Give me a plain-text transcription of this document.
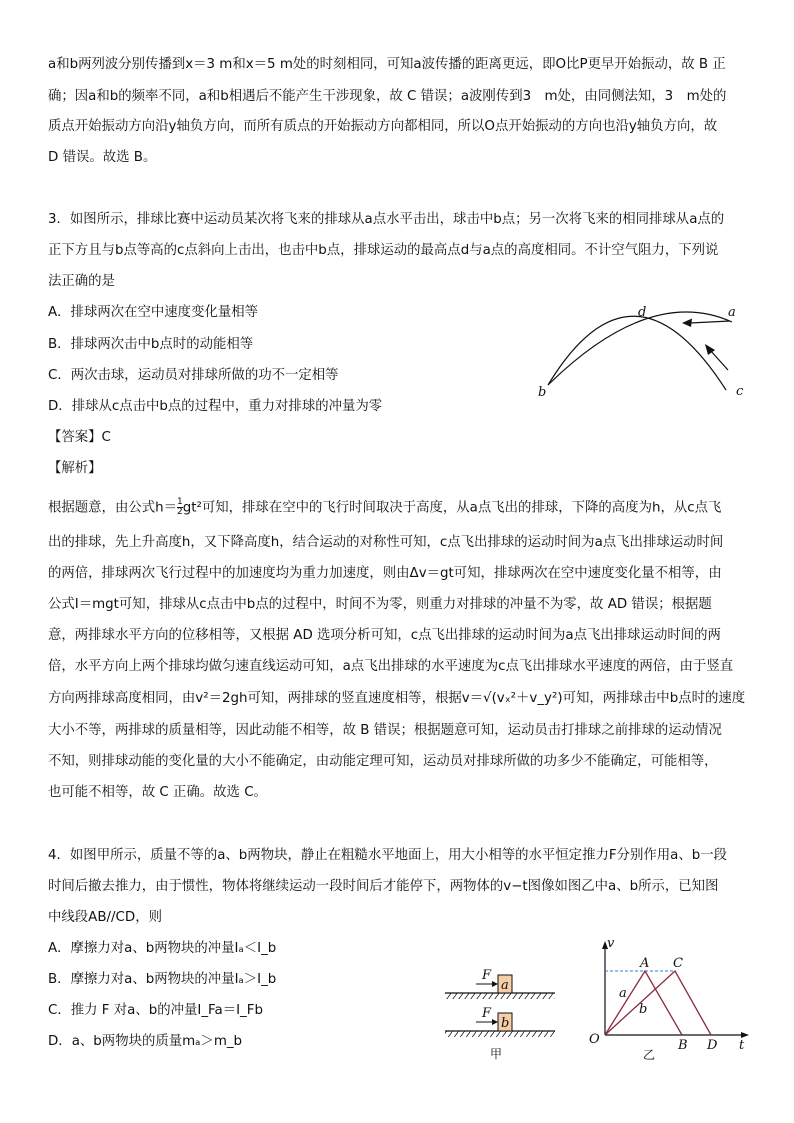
a和b两列波分别传播到x＝3 m和x＝5 m处的时刻相同，可知a波传播的距离更远，即O比P更早开始振动，故 B 正
确；因a和b的频率不同，a和b相遇后不能产生干涉现象，故 C 错误；a波刚传到3　m处，由同侧法知，3　m处的
质点开始振动方向沿y轴负方向，而所有质点的开始振动方向都相同，所以O点开始振动的方向也沿y轴负方向，故
D 错误。故选 B。
3．如图所示，排球比赛中运动员某次将飞来的排球从a点水平击出，球击中b点；另一次将飞来的相同排球从a点的
正下方且与b点等高的c点斜向上击出，也击中b点，排球运动的最高点d与a点的高度相同。不计空气阻力，下列说
法正确的是
A．排球两次在空中速度变化量相等
B．排球两次击中b点时的动能相等
C．两次击球，运动员对排球所做的功不一定相等
D．排球从c点击中b点的过程中，重力对排球的冲量为零
【答案】C
【解析】
根据题意，由公式$h= \frac{1}{2} gt^2$可知，排球在空中的飞行时间取决于高度，从a点飞出的排球，下降的高度为h，从c点飞
出的排球，先上升高度h，又下降高度h，结合运动的对称性可知，c点飞出排球的运动时间为a点飞出排球运动时间
的两倍，排球两次飞行过程中的加速度均为重力加速度，则由Δv＝gt可知，排球两次在空中速度变化量不相等，由
公式I＝mgt可知，排球从c点击中b点的过程中，时间不为零，则重力对排球的冲量不为零，故 AD 错误；根据题
意，两排球水平方向的位移相等，又根据 AD 选项分析可知，c点飞出排球的运动时间为a点飞出排球运动时间的两
倍，水平方向上两个排球均做匀速直线运动可知，a点飞出排球的水平速度为c点飞出排球水平速度的两倍，由于竖直
方向两排球高度相同，由v²＝2gh可知，两排球的竖直速度相等，根据v＝√(vₓ²＋v_y²)可知，两排球击中b点时的速度
大小不等，两排球的质量相等，因此动能不相等，故 B 错误；根据题意可知，运动员击打排球之前排球的运动情况
不知，则排球动能的变化量的大小不能确定，由动能定理可知，运动员对排球所做的功多少不能确定，可能相等，
也可能不相等，故 C 正确。故选 C。
d	a
b	c
4．如图甲所示，质量不等的a、b两物块，静止在粗糙水平地面上，用大小相等的水平恒定推力F分别作用a、b一段
时间后撤去推力，由于惯性，物体将继续运动一段时间后才能停下，两物体的v−t图像如图乙中a、b所示，已知图
中线段AB//CD，则
A．摩擦力对a、b两物块的冲量Iₐ＜I_b
B．摩擦力对a、b两物块的冲量Iₐ＞I_b
C．推力 F 对a、b的冲量I_Fa＝I_Fb
D．a、b两物块的质量mₐ＞m_b
F
a
F
b
甲
v
t
O
A C
B D
a
b
乙
